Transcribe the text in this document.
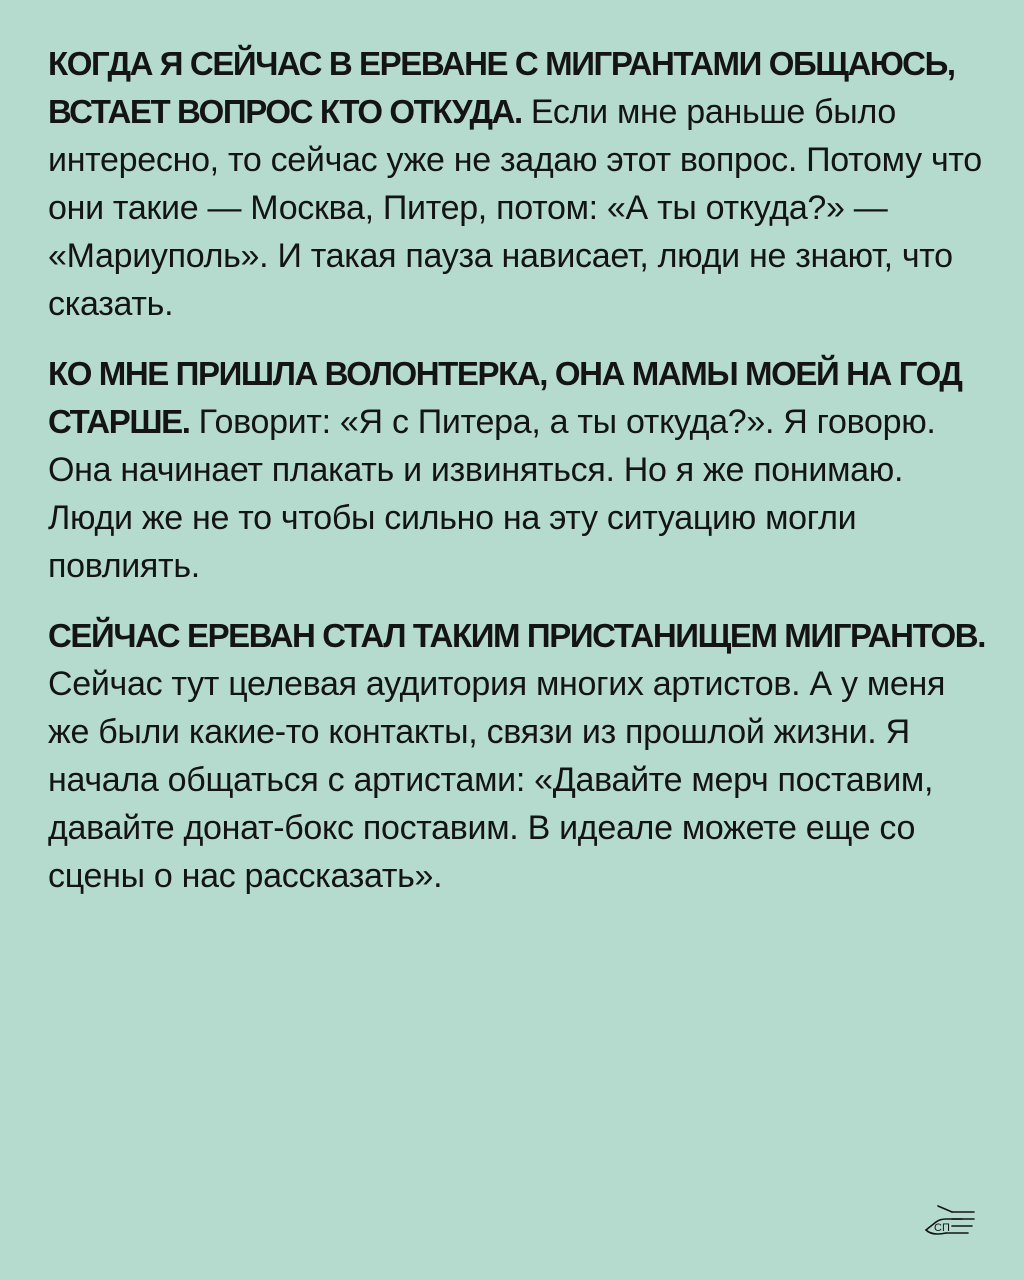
КОГДА Я СЕЙЧАС В ЕРЕВАНЕ С МИГРАНТАМИ ОБЩАЮСЬ, ВСТАЕТ ВОПРОС КТО ОТКУДА. Если мне раньше было интересно, то сейчас уже не задаю этот вопрос. Потому что они такие — Москва, Питер, потом: «А ты откуда?» — «Мариуполь». И такая пауза нависает, люди не знают, что сказать.

КО МНЕ ПРИШЛА ВОЛОНТЕРКА, ОНА МАМЫ МОЕЙ НА ГОД СТАРШЕ. Говорит: «Я с Питера, а ты откуда?». Я говорю. Она начинает плакать и извиняться. Но я же понимаю. Люди же не то чтобы сильно на эту ситуацию могли повлиять.

СЕЙЧАС ЕРЕВАН СТАЛ ТАКИМ ПРИСТАНИЩЕМ МИГРАНТОВ. Сейчас тут целевая аудитория многих артистов. А у меня же были какие-то контакты, связи из прошлой жизни. Я начала общаться с артистами: «Давайте мерч поставим, давайте донат-бокс поставим. В идеале можете еще со сцены о нас рассказать».

СП
